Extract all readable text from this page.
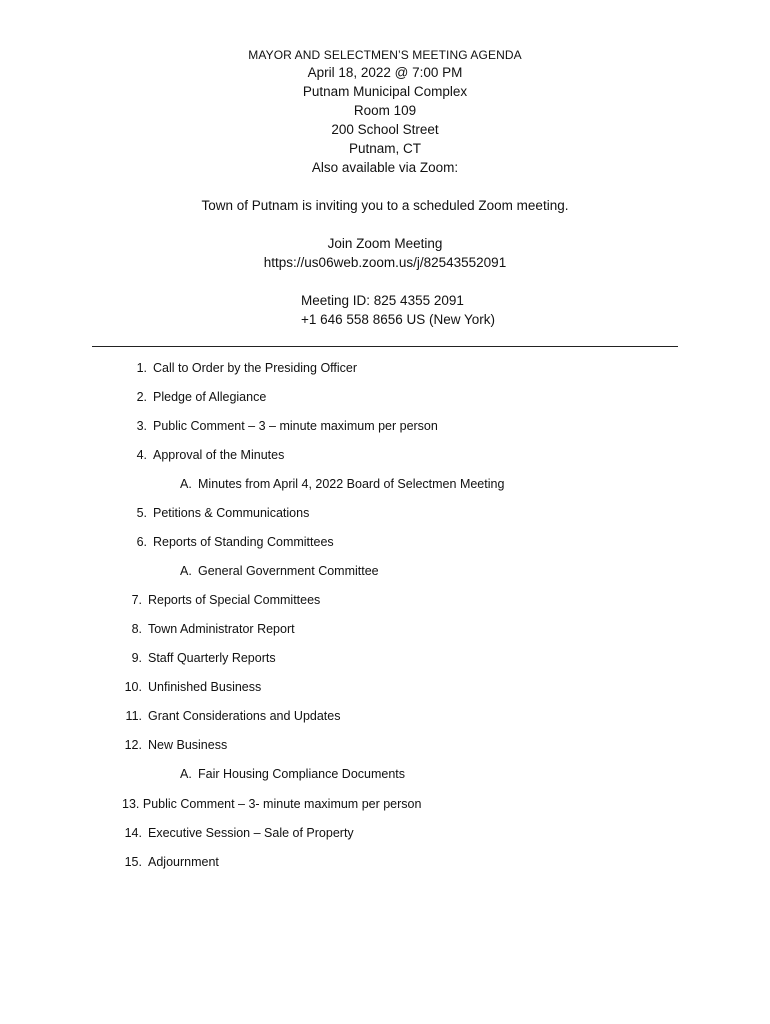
MAYOR AND SELECTMEN’S MEETING AGENDA
April 18, 2022 @ 7:00 PM
Putnam Municipal Complex
Room 109
200 School Street
Putnam, CT
Also available via Zoom:
Town of Putnam is inviting you to a scheduled Zoom meeting.
Join Zoom Meeting
https://us06web.zoom.us/j/82543552091
Meeting ID: 825 4355 2091
+1 646 558 8656 US (New York)
1. Call to Order by the Presiding Officer
2. Pledge of Allegiance
3. Public Comment – 3 – minute maximum per person
4. Approval of the Minutes
A. Minutes from April 4, 2022 Board of Selectmen Meeting
5. Petitions & Communications
6. Reports of Standing Committees
A. General Government Committee
7. Reports of Special Committees
8. Town Administrator Report
9. Staff Quarterly Reports
10. Unfinished Business
11. Grant Considerations and Updates
12. New Business
A. Fair Housing Compliance Documents
13. Public Comment – 3- minute maximum per person
14. Executive Session – Sale of Property
15. Adjournment
